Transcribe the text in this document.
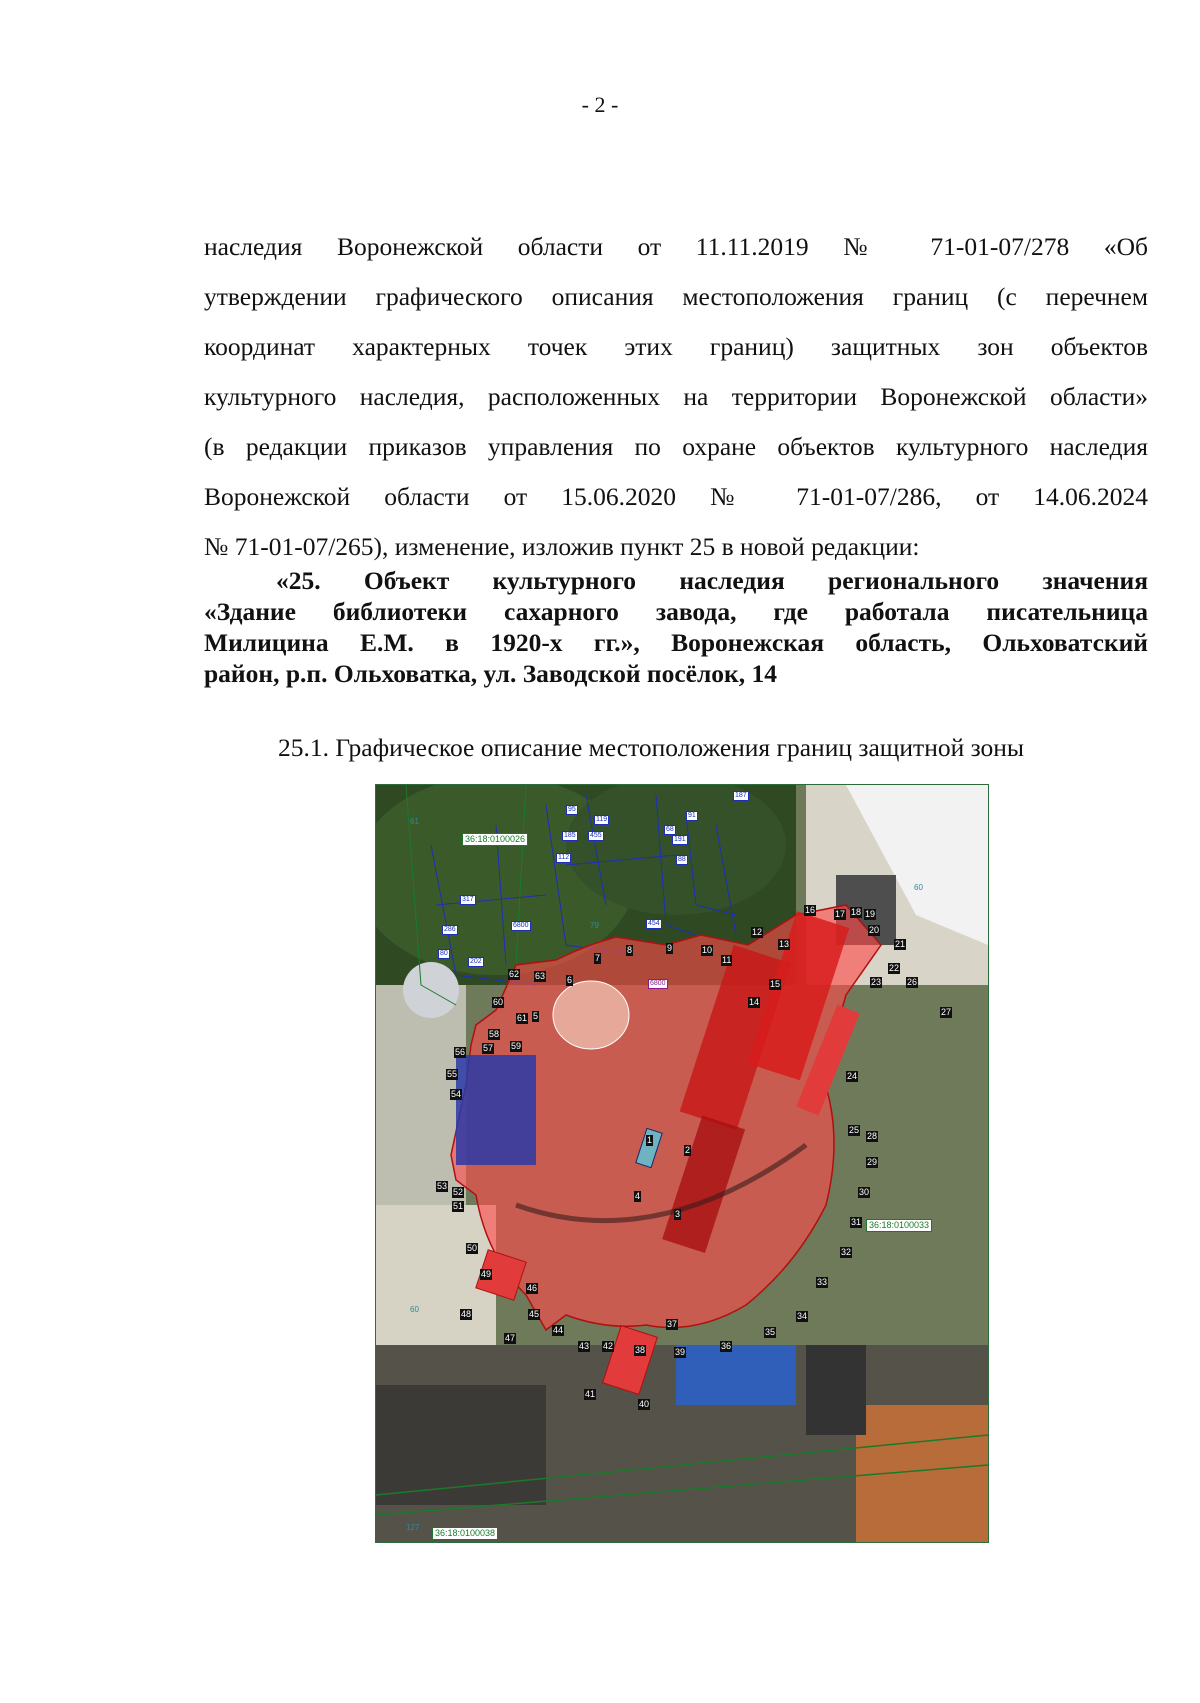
- 2 -
наследия Воронежской области от 11.11.2019 № 71-01-07/278 «Об
утверждении графического описания местоположения границ (с перечнем
координат характерных точек этих границ) защитных зон объектов
культурного наследия, расположенных на территории Воронежской области»
(в редакции приказов управления по охране объектов культурного наследия
Воронежской области от 15.06.2020 № 71-01-07/286, от 14.06.2024
№ 71-01-07/265), изменение, изложив пункт 25 в новой редакции:
«25. Объект культурного наследия регионального значения
«Здание библиотеки сахарного завода, где работала писательница
Милицина Е.М. в 1920-х гг.», Воронежская область, Ольховатский
район, р.п. Ольховатка, ул. Заводской посёлок, 14
25.1. Графическое описание местоположения границ защитной зоны
36:18:0100026
36:18:0100033
36:18:0100038
61
60
187
119
95
185 455
112
91
191
88
68
317
6800	79	454
286
80
202
127
60
6800
1
2
3
4
5
6
7
8	9	10
11
12
13
14
15
16 17 18 19
20
21
22
23
24
25
26
27
28
29
30
31
32
33
34
35
36
37
38	39
40
41
42
43
44
45
46
47
48
49
50
51
52
53
54
55
56 57
58
59
60
61
62 63
